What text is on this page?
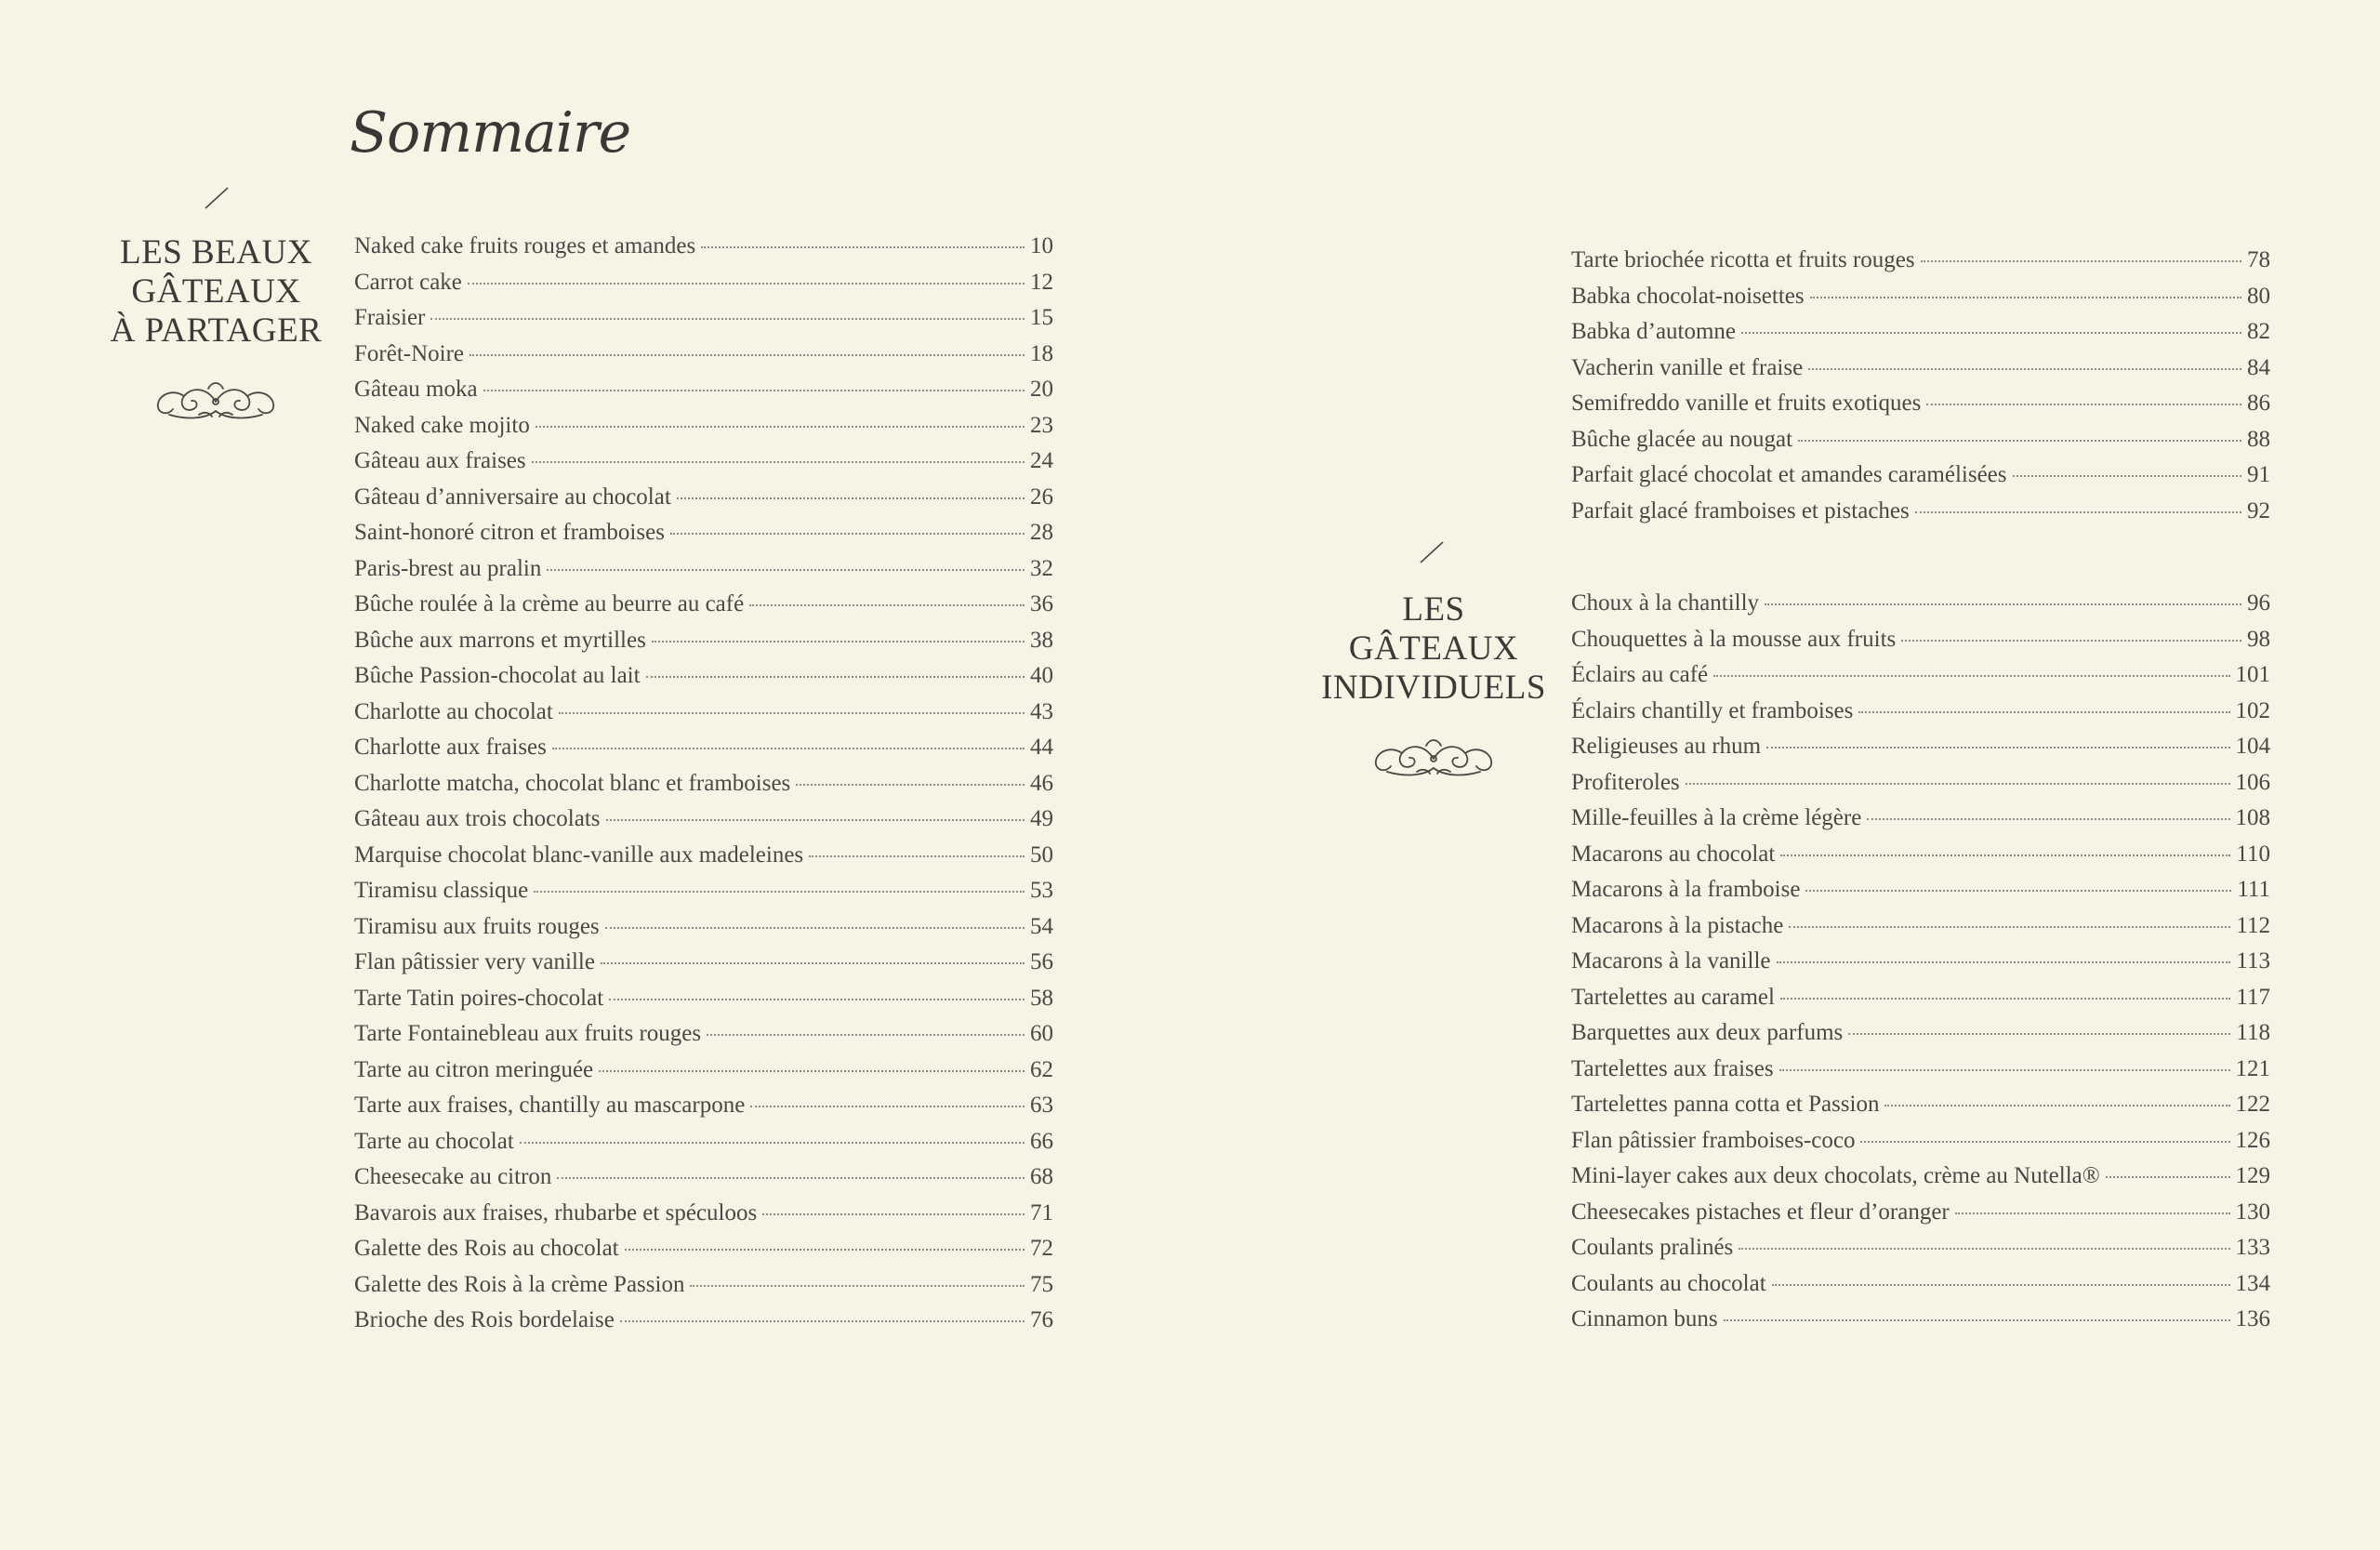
Sommaire
LES BEAUX
GÂTEAUX
À PARTAGER
Naked cake fruits rouges et amandes	10
Carrot cake	12
Fraisier	15
Forêt-Noire	18
Gâteau moka	20
Naked cake mojito	23
Gâteau aux fraises	24
Gâteau d’anniversaire au chocolat	26
Saint-honoré citron et framboises	28
Paris-brest au pralin	32
Bûche roulée à la crème au beurre au café	36
Bûche aux marrons et myrtilles	38
Bûche Passion-chocolat au lait	40
Charlotte au chocolat	43
Charlotte aux fraises	44
Charlotte matcha, chocolat blanc et framboises	46
Gâteau aux trois chocolats	49
Marquise chocolat blanc-vanille aux madeleines	50
Tiramisu classique	53
Tiramisu aux fruits rouges	54
Flan pâtissier very vanille	56
Tarte Tatin poires-chocolat	58
Tarte Fontainebleau aux fruits rouges	60
Tarte au citron meringuée	62
Tarte aux fraises, chantilly au mascarpone	63
Tarte au chocolat	66
Cheesecake au citron	68
Bavarois aux fraises, rhubarbe et spéculoos	71
Galette des Rois au chocolat	72
Galette des Rois à la crème Passion	75
Brioche des Rois bordelaise	76
Tarte briochée ricotta et fruits rouges	78
Babka chocolat-noisettes	80
Babka d’automne	82
Vacherin vanille et fraise	84
Semifreddo vanille et fruits exotiques	86
Bûche glacée au nougat	88
Parfait glacé chocolat et amandes caramélisées	91
Parfait glacé framboises et pistaches	92
LES
GÂTEAUX
INDIVIDUELS
Choux à la chantilly	96
Chouquettes à la mousse aux fruits	98
Éclairs au café	101
Éclairs chantilly et framboises	102
Religieuses au rhum	104
Profiteroles	106
Mille-feuilles à la crème légère	108
Macarons au chocolat	110
Macarons à la framboise	111
Macarons à la pistache	112
Macarons à la vanille	113
Tartelettes au caramel	117
Barquettes aux deux parfums	118
Tartelettes aux fraises	121
Tartelettes panna cotta et Passion	122
Flan pâtissier framboises-coco	126
Mini-layer cakes aux deux chocolats, crème au Nutella®	129
Cheesecakes pistaches et fleur d’oranger	130
Coulants pralinés	133
Coulants au chocolat	134
Cinnamon buns	136
